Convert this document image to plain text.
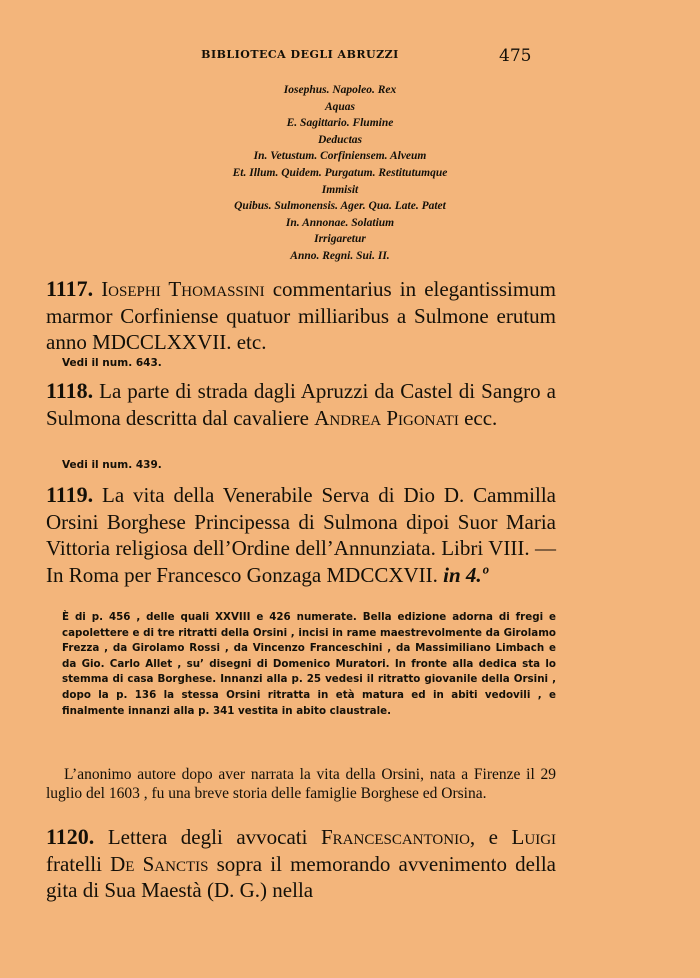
BIBLIOTECA DEGLI ABRUZZI	475
Iosephus. Napoleo. Rex
Aquas
E. Sagittario. Flumine
Deductas
In. Vetustum. Corfiniensem. Alveum
Et. Illum. Quidem. Purgatum. Restitutumque
Immisit
Quibus. Sulmonensis. Ager. Qua. Late. Patet
In. Annonae. Solatium
Irrigaretur
Anno. Regni. Sui. II.
1117. Iosephi Thomassini commentarius in elegantissimum marmor Corfiniense quatuor milliaribus a Sulmone erutum anno MDCCLXXVII. etc.
Vedi il num. 643.
1118. La parte di strada dagli Apruzzi da Castel di Sangro a Sulmona descritta dal cavaliere Andrea Pigonati ecc.
Vedi il num. 439.
1119. La vita della Venerabile Serva di Dio D. Cammilla Orsini Borghese Principessa di Sulmona dipoi Suor Maria Vittoria religiosa dell’Ordine dell’Annunziata. Libri VIII. — In Roma per Francesco Gonzaga MDCCXVII. in 4.º
È di p. 456 , delle quali XXVIII e 426 numerate. Bella edizione adorna di fregi e capolettere e di tre ritratti della Orsini , incisi in rame maestrevolmente da Girolamo Frezza , da Girolamo Rossi , da Vincenzo Franceschini , da Massimiliano Limbach e da Gio. Carlo Allet , su’ disegni di Domenico Muratori. In fronte alla dedica sta lo stemma di casa Borghese. Innanzi alla p. 25 vedesi il ritratto giovanile della Orsini , dopo la p. 136 la stessa Orsini ritratta in età matura ed in abiti vedovili , e finalmente innanzi alla p. 341 vestita in abito claustrale.
L’anonimo autore dopo aver narrata la vita della Orsini, nata a Firenze il 29 luglio del 1603 , fu una breve storia delle famiglie Borghese ed Orsina.
1120. Lettera degli avvocati Francescantonio, e Luigi fratelli De Sanctis sopra il memorando avvenimento della gita di Sua Maestà (D. G.) nella
